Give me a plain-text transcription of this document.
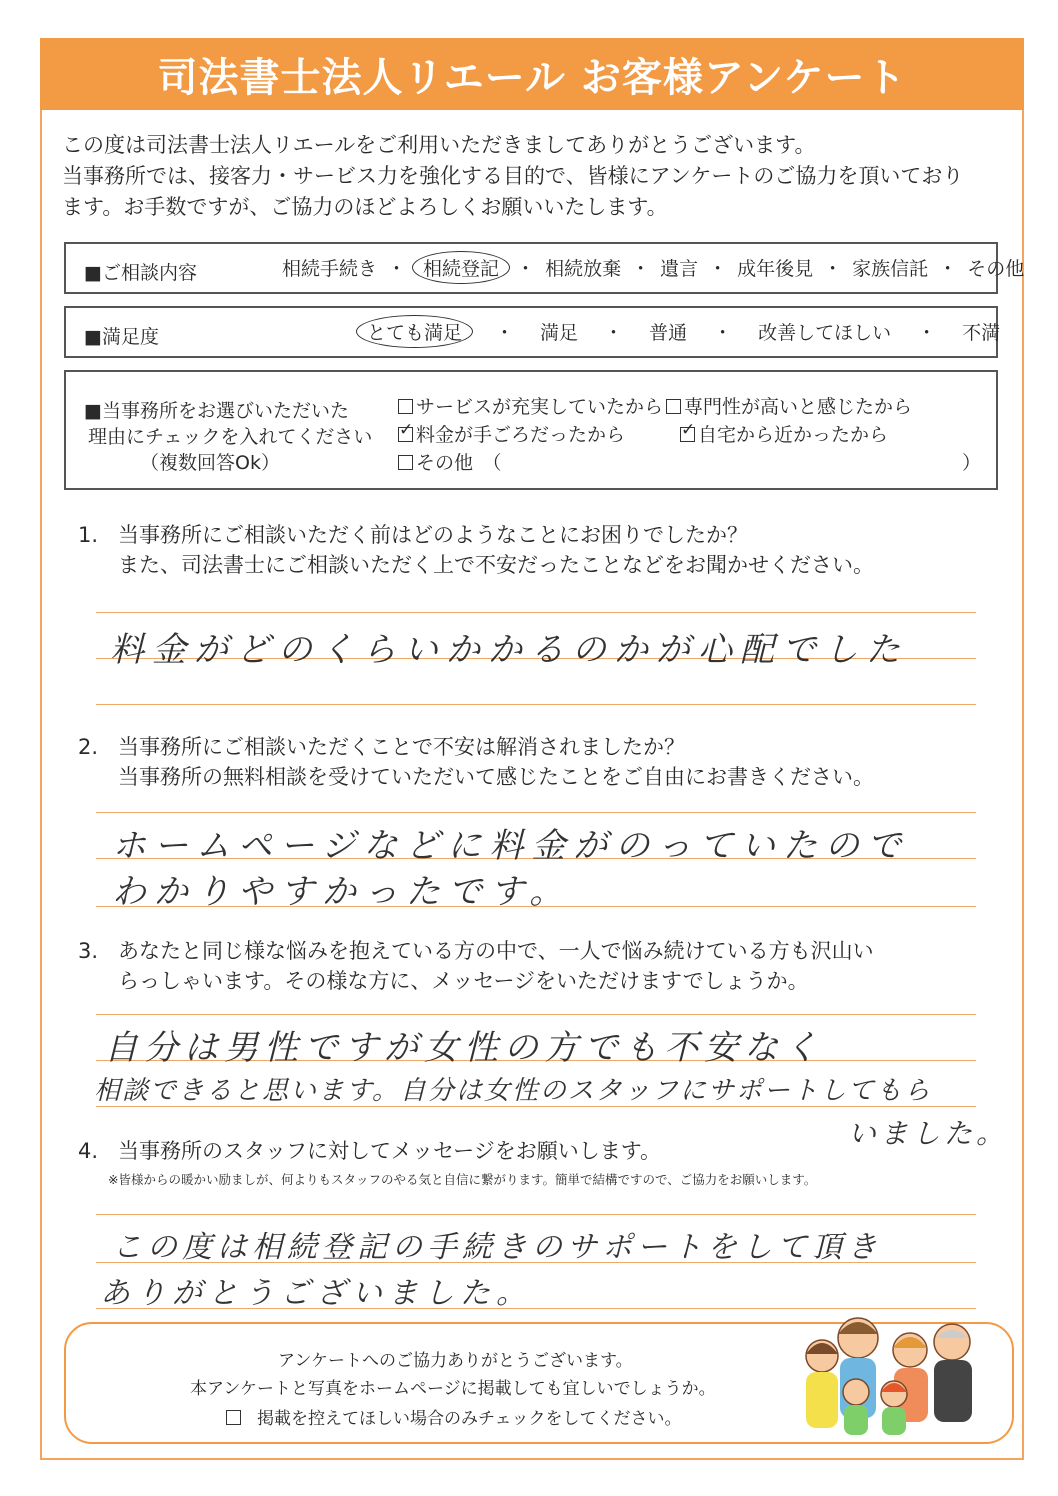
司法書士法人リエール お客様アンケート
この度は司法書士法人リエールをご利用いただきましてありがとうございます。
当事務所では、接客力・サービス力を強化する目的で、皆様にアンケートのご協力を頂いており
ます。お手数ですが、ご協力のほどよろしくお願いいたします。
■ご相談内容	相続手続き ・ 相続登記 ・ 相続放棄 ・ 遺言 ・ 成年後見 ・ 家族信託 ・ その他
■満足度	とても満足	・ 満足 ・ 普通 ・ 改善してほしい ・ 不満
■当事務所をお選びいただいた
理由にチェックを入れてください
（複数回答Ok）
サービスが充実していたから	専門性が高いと感じたから
✓料金が手ごろだったから
✓	自宅から近かったから
その他　（	）
1. 当事務所にご相談いただく前はどのようなことにお困りでしたか？
また、司法書士にご相談いただく上で不安だったことなどをお聞かせください。
料金がどのくらいかかるのかが心配でした
2. 当事務所にご相談いただくことで不安は解消されましたか？
当事務所の無料相談を受けていただいて感じたことをご自由にお書きください。
ホームページなどに料金がのっていたので
わかりやすかったです。
3. あなたと同じ様な悩みを抱えている方の中で、一人で悩み続けている方も沢山い
らっしゃいます。その様な方に、メッセージをいただけますでしょうか。
自分は男性ですが女性の方でも不安なく
相談できると思います。自分は女性のスタッフにサポートしてもら
いました。
4. 当事務所のスタッフに対してメッセージをお願いします。
※皆様からの暖かい励ましが、何よりもスタッフのやる気と自信に繋がります。簡単で結構ですので、ご協力をお願いします。
この度は相続登記の手続きのサポートをして頂き
ありがとうございました。
アンケートへのご協力ありがとうございます。
本アンケートと写真をホームページに掲載しても宜しいでしょうか。
掲載を控えてほしい場合のみチェックをしてください。
